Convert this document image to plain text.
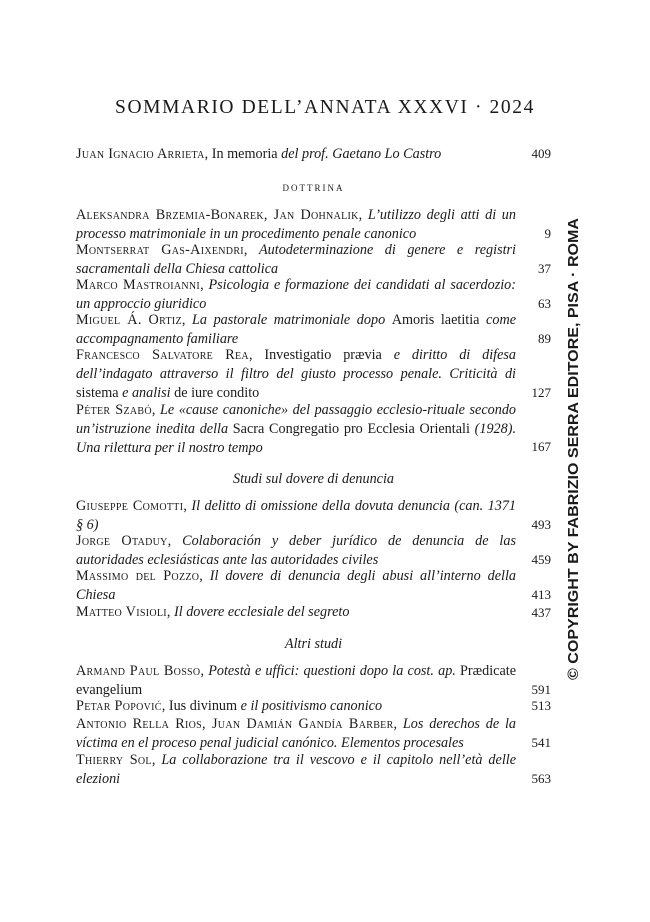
SOMMARIO DELL’ANNATA XXXVI · 2024
Juan Ignacio Arrieta, In memoria del prof. Gaetano Lo Castro	409
dottrina
Aleksandra Brzemia-Bonarek, Jan Dohnalik, L’utilizzo degli atti di un processo matrimoniale in un procedimento penale canonico	9
Montserrat Gas-Aixendri, Autodeterminazione di genere e registri sacramentali della Chiesa cattolica	37
Marco Mastroianni, Psicologia e formazione dei candidati al sacerdozio: un approccio giuridico	63
Miguel Á. Ortiz, La pastorale matrimoniale dopo Amoris laetitia come accompagnamento familiare	89
Francesco Salvatore Rea, Investigatio prævia e diritto di difesa dell’indagato attraverso il filtro del giusto processo penale. Criticità di sistema e analisi de iure condito	127
Péter Szabó, Le «cause canoniche» del passaggio ecclesio-rituale secondo un’istruzione inedita della Sacra Congregatio pro Ecclesia Orientali (1928). Una rilettura per il nostro tempo	167
Studi sul dovere di denuncia
Giuseppe Comotti, Il delitto di omissione della dovuta denuncia (can. 1371 § 6)	493
Jorge Otaduy, Colaboración y deber jurídico de denuncia de las autoridades eclesiásticas ante las autoridades civiles	459
Massimo del Pozzo, Il dovere di denuncia degli abusi all’interno della Chiesa	413
Matteo Visioli, Il dovere ecclesiale del segreto	437
Altri studi
Armand Paul Bosso, Potestà e uffici: questioni dopo la cost. ap. Prædicate evangelium	591
Petar Popović, Ius divinum e il positivismo canonico	513
Antonio Rella Rios, Juan Damián Gandía Barber, Los derechos de la víctima en el proceso penal judicial canónico. Elementos procesales	541
Thierry Sol, La collaborazione tra il vescovo e il capitolo nell’età delle elezioni	563
© COPYRIGHT BY FABRIZIO SERRA EDITORE, PISA · ROMA
